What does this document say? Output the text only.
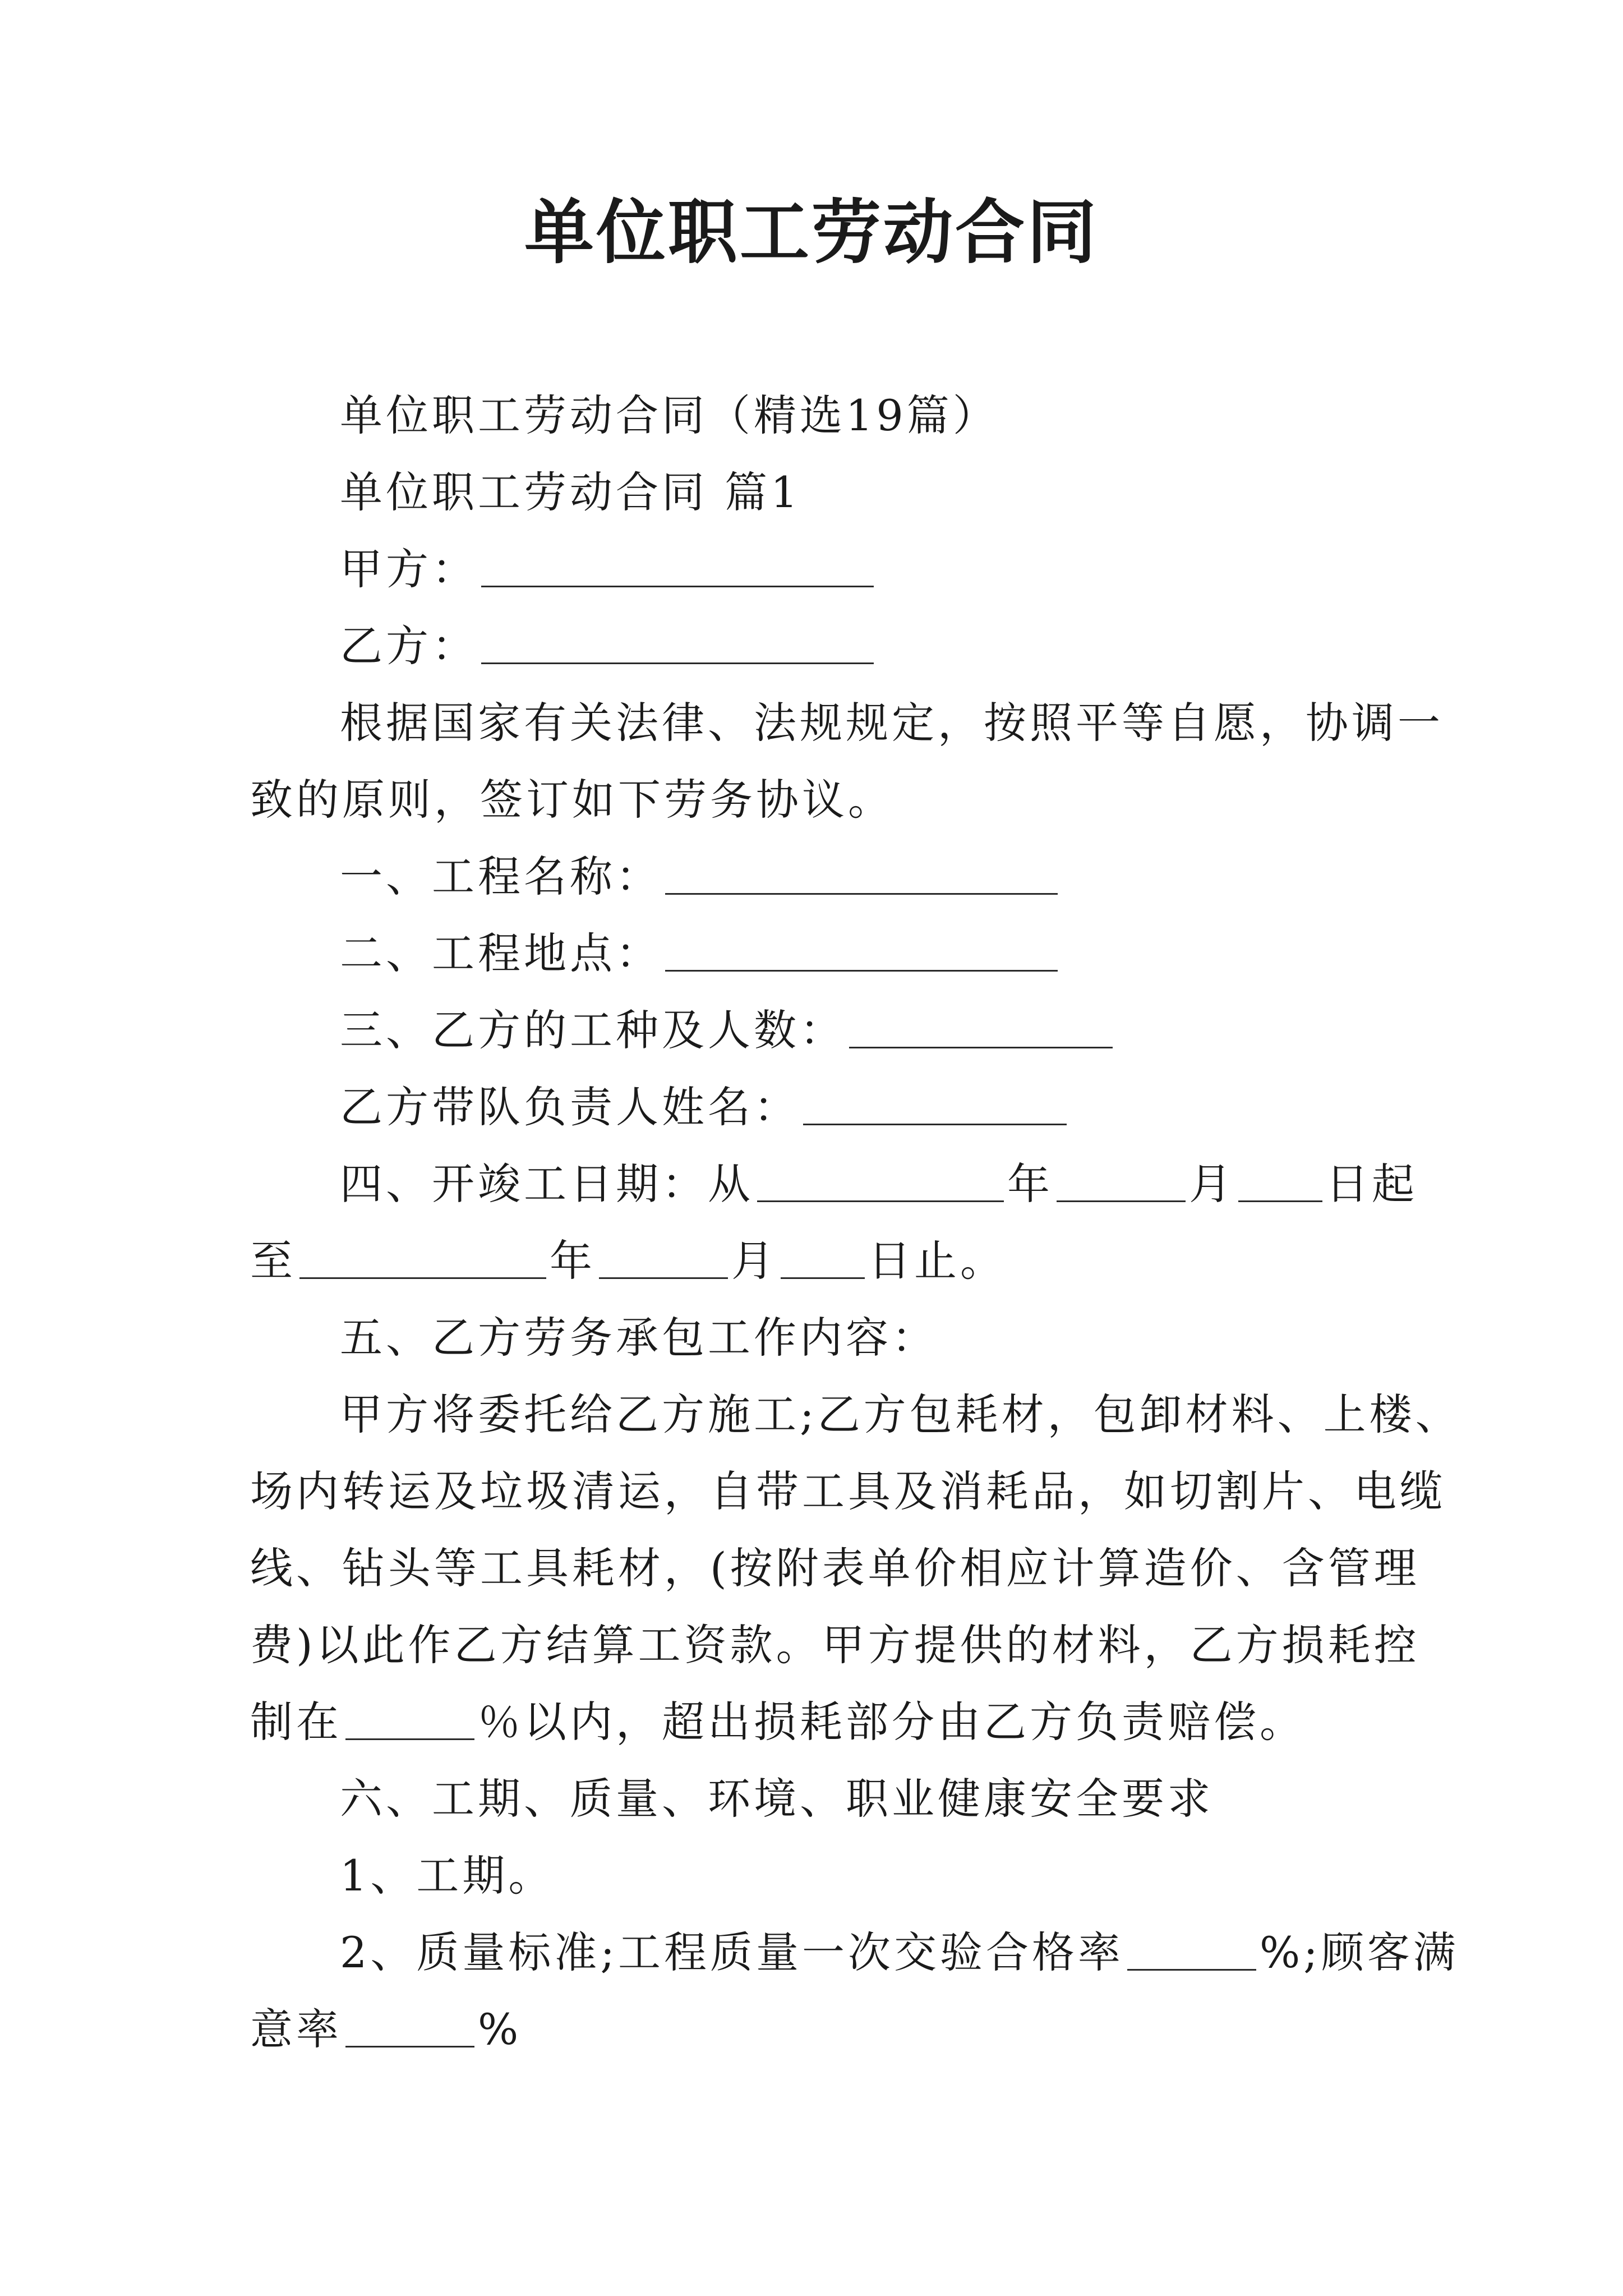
单位职工劳动合同

单位职工劳动合同（精选19篇）

单位职工劳动合同 篇1

甲方：

乙方：

根据国家有关法律、法规规定，按照平等自愿，协调一

致的原则，签订如下劳务协议。

一、工程名称：

二、工程地点：

三、乙方的工种及人数：

乙方带队负责人姓名：

四、开竣工日期：从	年	月 日起

至	年	月 日止。

五、乙方劳务承包工作内容：

甲方将委托给乙方施工;乙方包耗材，包卸材料、上楼、

场内转运及垃圾清运，自带工具及消耗品，如切割片、电缆

线、钻头等工具耗材，(按附表单价相应计算造价、含管理

费)以此作乙方结算工资款。甲方提供的材料，乙方损耗控

制在	％以内，超出损耗部分由乙方负责赔偿。

六、工期、质量、环境、职业健康安全要求

1、工期。

2、质量标准;工程质量一次交验合格率	%;顾客满

意率	%
